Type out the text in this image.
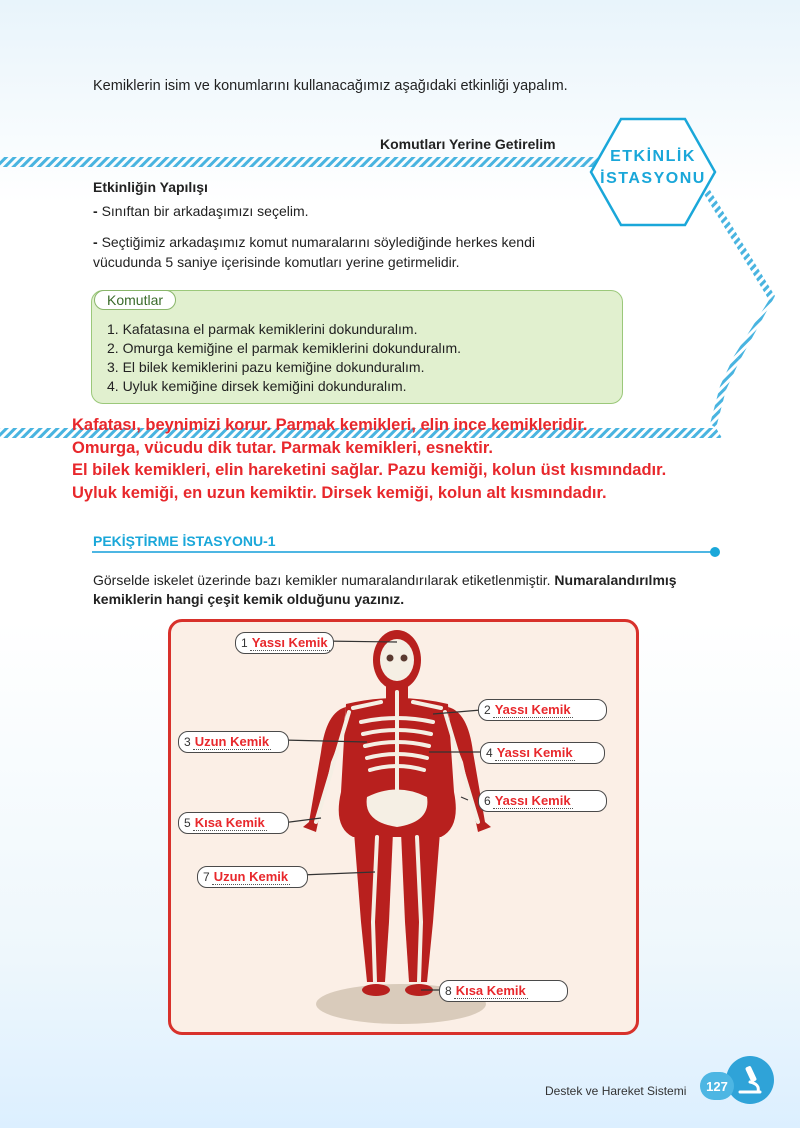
Kemiklerin isim ve konumlarını kullanacağımız aşağıdaki etkinliği yapalım.
Komutları Yerine Getirelim
ETKİNLİK
İSTASYONU
Etkinliğin Yapılışı
- Sınıftan bir arkadaşımızı seçelim.
- Seçtiğimiz arkadaşımız komut numaralarını söylediğinde herkes kendi vücudunda 5 saniye içerisinde komutları yerine getirmelidir.
Komutlar
1. Kafatasına el parmak kemiklerini dokunduralım.
2. Omurga kemiğine el parmak kemiklerini dokunduralım.
3. El bilek kemiklerini pazu kemiğine dokunduralım.
4. Uyluk kemiğine dirsek kemiğini dokunduralım.
Kafatası, beynimizi korur. Parmak kemikleri, elin ince kemikleridir.
Omurga, vücudu dik tutar. Parmak kemikleri, esnektir.
El bilek kemikleri, elin hareketini sağlar. Pazu kemiği, kolun üst kısmındadır.
Uyluk kemiği, en uzun kemiktir. Dirsek kemiği, kolun alt kısmındadır.
PEKİŞTİRME İSTASYONU-1
Görselde iskelet üzerinde bazı kemikler numaralandırılarak etiketlenmiştir. Numaralandırılmış kemiklerin hangi çeşit kemik olduğunu yazınız.
1 Yassı Kemik
2 Yassı Kemik
3 Uzun Kemik
4 Yassı Kemik
5 Kısa Kemik
6 Yassı Kemik
7 Uzun Kemik
8 Kısa Kemik
Destek ve Hareket Sistemi	127
